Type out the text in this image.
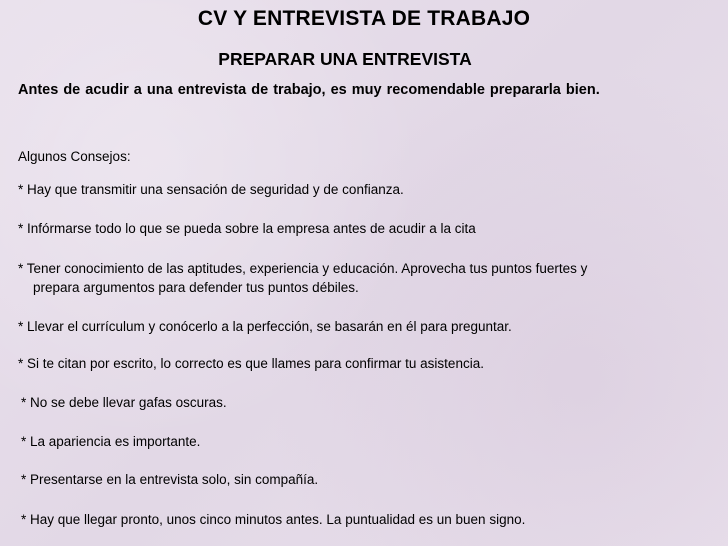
CV Y ENTREVISTA DE TRABAJO
PREPARAR UNA ENTREVISTA

Antes de acudir a una entrevista de trabajo, es muy recomendable prepararla bien.

Algunos Consejos:

* Hay que transmitir una sensación de seguridad y de confianza.

* Infórmarse todo lo que se pueda sobre la empresa antes de acudir a la cita

* Tener conocimiento de las aptitudes, experiencia y educación. Aprovecha tus puntos fuertes y
prepara argumentos para defender tus puntos débiles.

* Llevar el currículum y conócerlo a la perfección, se basarán en él para preguntar.

* Si te citan por escrito, lo correcto es que llames para confirmar tu asistencia.

* No se debe llevar gafas oscuras.

* La apariencia es importante.

* Presentarse en la entrevista solo, sin compañía.

* Hay que llegar pronto, unos cinco minutos antes. La puntualidad es un buen signo.
